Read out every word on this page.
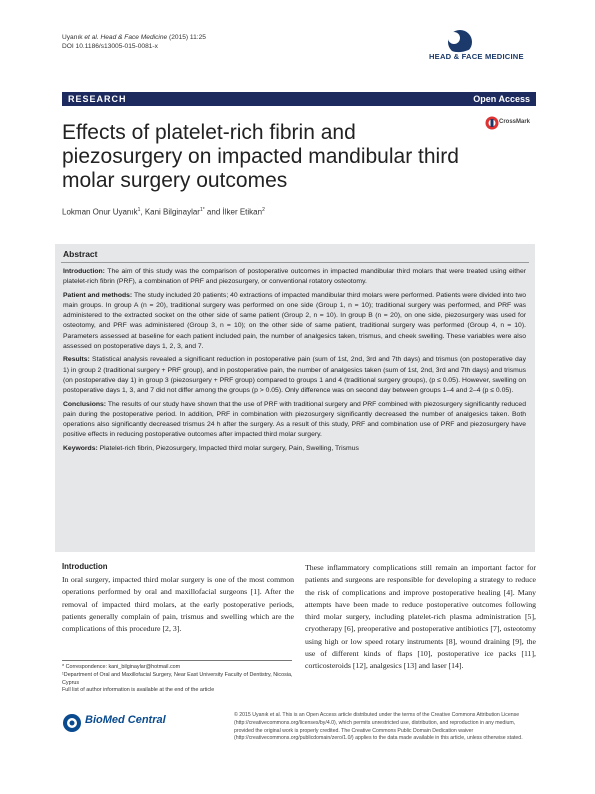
Uyanık et al. Head & Face Medicine (2015) 11:25
DOI 10.1186/s13005-015-0081-x
HEAD & FACE MEDICINE
RESEARCH	Open Access
Effects of platelet-rich fibrin and piezosurgery on impacted mandibular third molar surgery outcomes
CrossMark
Lokman Onur Uyanık$^1$, Kani Bilginaylar$^{1*}$ and İlker Etikan$^2$
Abstract

Introduction: The aim of this study was the comparison of postoperative outcomes in impacted mandibular third molars that were treated using either platelet-rich fibrin (PRF), a combination of PRF and piezosurgery, or conventional rotatory osteotomy.

Patient and methods: The study included 20 patients; 40 extractions of impacted mandibular third molars were performed. Patients were divided into two main groups. In group A (n = 20), traditional surgery was performed on one side (Group 1, n = 10); traditional surgery was performed, and PRF was administered to the extracted socket on the other side of same patient (Group 2, n = 10). In group B (n = 20), on one side, piezosurgery was used for osteotomy, and PRF was administered (Group 3, n = 10); on the other side of same patient, traditional surgery was performed (Group 4, n = 10). Parameters assessed at baseline for each patient included pain, the number of analgesics taken, trismus, and cheek swelling. These variables were also assessed on postoperative days 1, 2, 3, and 7.

Results: Statistical analysis revealed a significant reduction in postoperative pain (sum of 1st, 2nd, 3rd and 7th days) and trismus (on postoperative day 1) in group 2 (traditional surgery + PRF group), and in postoperative pain, the number of analgesics taken (sum of 1st, 2nd, 3rd and 7th days) and trismus (on postoperative day 1) in group 3 (piezosurgery + PRF group) compared to groups 1 and 4 (traditional surgery groups), (p ≤ 0.05). However, swelling on postoperative days 1, 3, and 7 did not differ among the groups (p > 0.05). Only difference was on second day between groups 1–4 and 2–4 (p ≤ 0.05).

Conclusions: The results of our study have shown that the use of PRF with traditional surgery and PRF combined with piezosurgery significantly reduced pain during the postoperative period. In addition, PRF in combination with piezosurgery significantly decreased the number of analgesics taken. Both operations also significantly decreased trismus 24 h after the surgery. As a result of this study, PRF and combination use of PRF and piezosurgery have positive effects in reducing postoperative outcomes after impacted third molar surgery.

Keywords: Platelet-rich fibrin, Piezosurgery, Impacted third molar surgery, Pain, Swelling, Trismus

Introduction
In oral surgery, impacted third molar surgery is one of the most common operations performed by oral and maxillofacial surgeons [1]. After the removal of impacted third molars, at the early postoperative periods, patients generally complain of pain, trismus and swelling which are the complications of this procedure [2, 3].
These inflammatory complications still remain an important factor for patients and surgeons are responsible for developing a strategy to reduce the risk of complications and improve postoperative healing [4]. Many attempts have been made to reduce postoperative outcomes following third molar surgery, including platelet-rich plasma administration [5], cryotherapy [6], preoperative and postoperative antibiotics [7], osteotomy using high or low speed rotary instruments [8], wound draining [9], the use of different kinds of flaps [10], postoperative ice packs [11], corticosteroids [12], analgesics [13] and laser [14].
* Correspondence: kani_bilginaylar@hotmail.com
¹Department of Oral and Maxillofacial Surgery, Near East University Faculty of Dentistry, Nicosia, Cyprus
Full list of author information is available at the end of the article
BioMed Central	© 2015 Uyanık et al. This is an Open Access article distributed under the terms of the Creative Commons Attribution License (http://creativecommons.org/licenses/by/4.0), which permits unrestricted use, distribution, and reproduction in any medium, provided the original work is properly credited. The Creative Commons Public Domain Dedication waiver (http://creativecommons.org/publicdomain/zero/1.0/) applies to the data made available in this article, unless otherwise stated.
